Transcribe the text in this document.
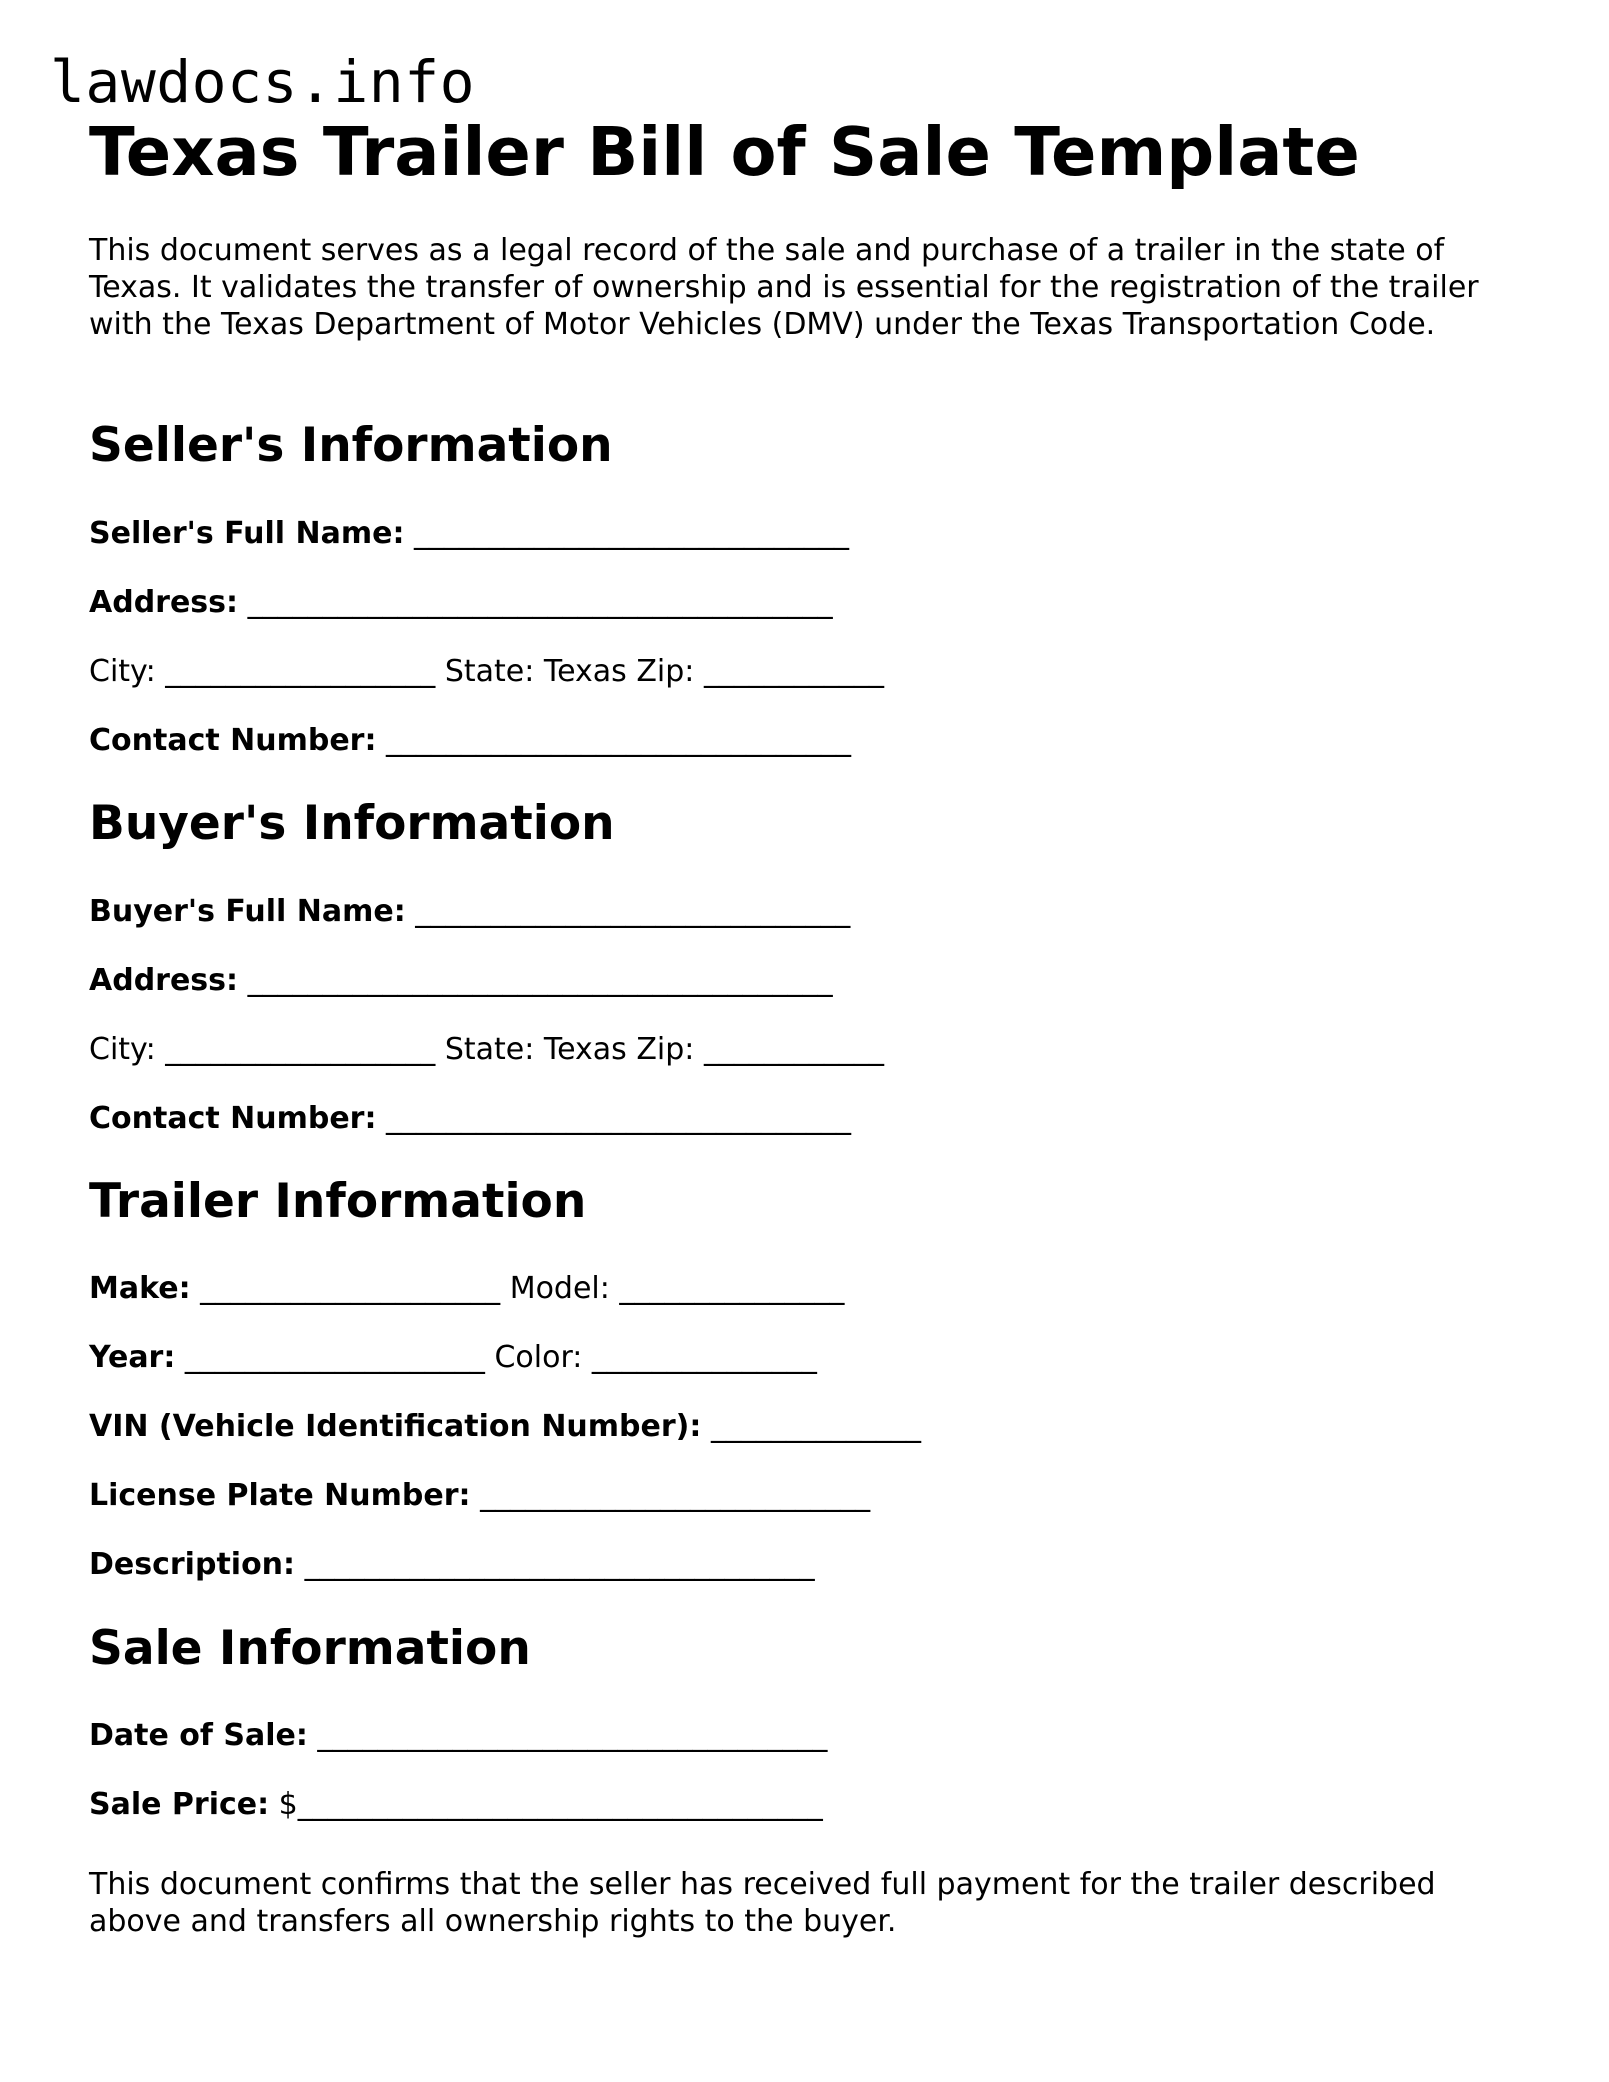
lawdocs.info
Texas Trailer Bill of Sale Template

This document serves as a legal record of the sale and purchase of a trailer in the state of Texas. It validates the transfer of ownership and is essential for the registration of the trailer with the Texas Department of Motor Vehicles (DMV) under the Texas Transportation Code.

Seller's Information

Seller's Full Name: _____________________________

Address: _______________________________________

City: __________________ State: Texas Zip: ____________

Contact Number: _______________________________

Buyer's Information

Buyer's Full Name: _____________________________

Address: _______________________________________

City: __________________ State: Texas Zip: ____________

Contact Number: _______________________________

Trailer Information

Make: ____________________ Model: _______________

Year: ____________________ Color: _______________

VIN (Vehicle Identification Number): ______________

License Plate Number: __________________________

Description: __________________________________

Sale Information

Date of Sale: __________________________________

Sale Price: $___________________________________

This document confirms that the seller has received full payment for the trailer described above and transfers all ownership rights to the buyer.
